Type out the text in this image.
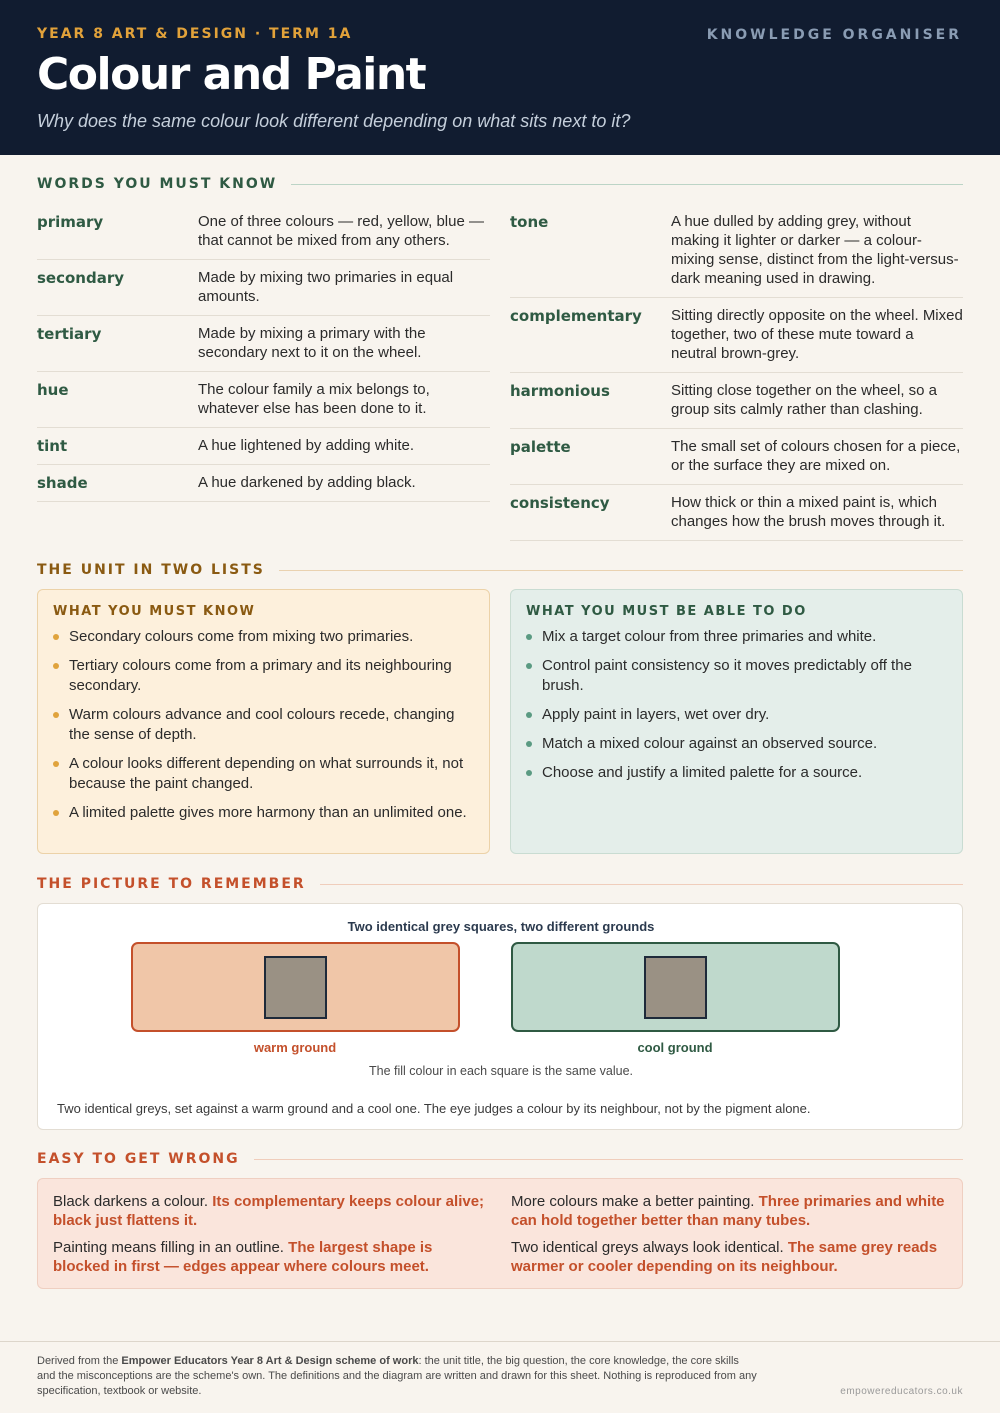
YEAR 8 ART & DESIGN · TERM 1A	KNOWLEDGE ORGANISER
Colour and Paint
Why does the same colour look different depending on what sits next to it?
WORDS YOU MUST KNOW
primary	One of three colours — red, yellow, blue — that cannot be mixed from any others.
secondary	Made by mixing two primaries in equal amounts.
tertiary	Made by mixing a primary with the secondary next to it on the wheel.
hue	The colour family a mix belongs to, whatever else has been done to it.
tint	A hue lightened by adding white.
shade	A hue darkened by adding black.
tone	A hue dulled by adding grey, without making it lighter or darker — a colour-mixing sense, distinct from the light-versus-dark meaning used in drawing.
complementary	Sitting directly opposite on the wheel. Mixed together, two of these mute toward a neutral brown-grey.
harmonious	Sitting close together on the wheel, so a group sits calmly rather than clashing.
palette	The small set of colours chosen for a piece, or the surface they are mixed on.
consistency	How thick or thin a mixed paint is, which changes how the brush moves through it.
THE UNIT IN TWO LISTS
WHAT YOU MUST KNOW
Secondary colours come from mixing two primaries.
Tertiary colours come from a primary and its neighbouring secondary.
Warm colours advance and cool colours recede, changing the sense of depth.
A colour looks different depending on what surrounds it, not because the paint changed.
A limited palette gives more harmony than an unlimited one.
WHAT YOU MUST BE ABLE TO DO
Mix a target colour from three primaries and white.
Control paint consistency so it moves predictably off the brush.
Apply paint in layers, wet over dry.
Match a mixed colour against an observed source.
Choose and justify a limited palette for a source.
THE PICTURE TO REMEMBER
Two identical grey squares, two different grounds
warm ground	cool ground
The fill colour in each square is the same value.
Two identical greys, set against a warm ground and a cool one. The eye judges a colour by its neighbour, not by the pigment alone.
EASY TO GET WRONG
Black darkens a colour. Its complementary keeps colour alive; black just flattens it.
More colours make a better painting. Three primaries and white can hold together better than many tubes.
Painting means filling in an outline. The largest shape is blocked in first — edges appear where colours meet.
Two identical greys always look identical. The same grey reads warmer or cooler depending on its neighbour.
Derived from the Empower Educators Year 8 Art & Design scheme of work: the unit title, the big question, the core knowledge, the core skills and the misconceptions are the scheme's own. The definitions and the diagram are written and drawn for this sheet. Nothing is reproduced from any specification, textbook or website.	empowereducators.co.uk
